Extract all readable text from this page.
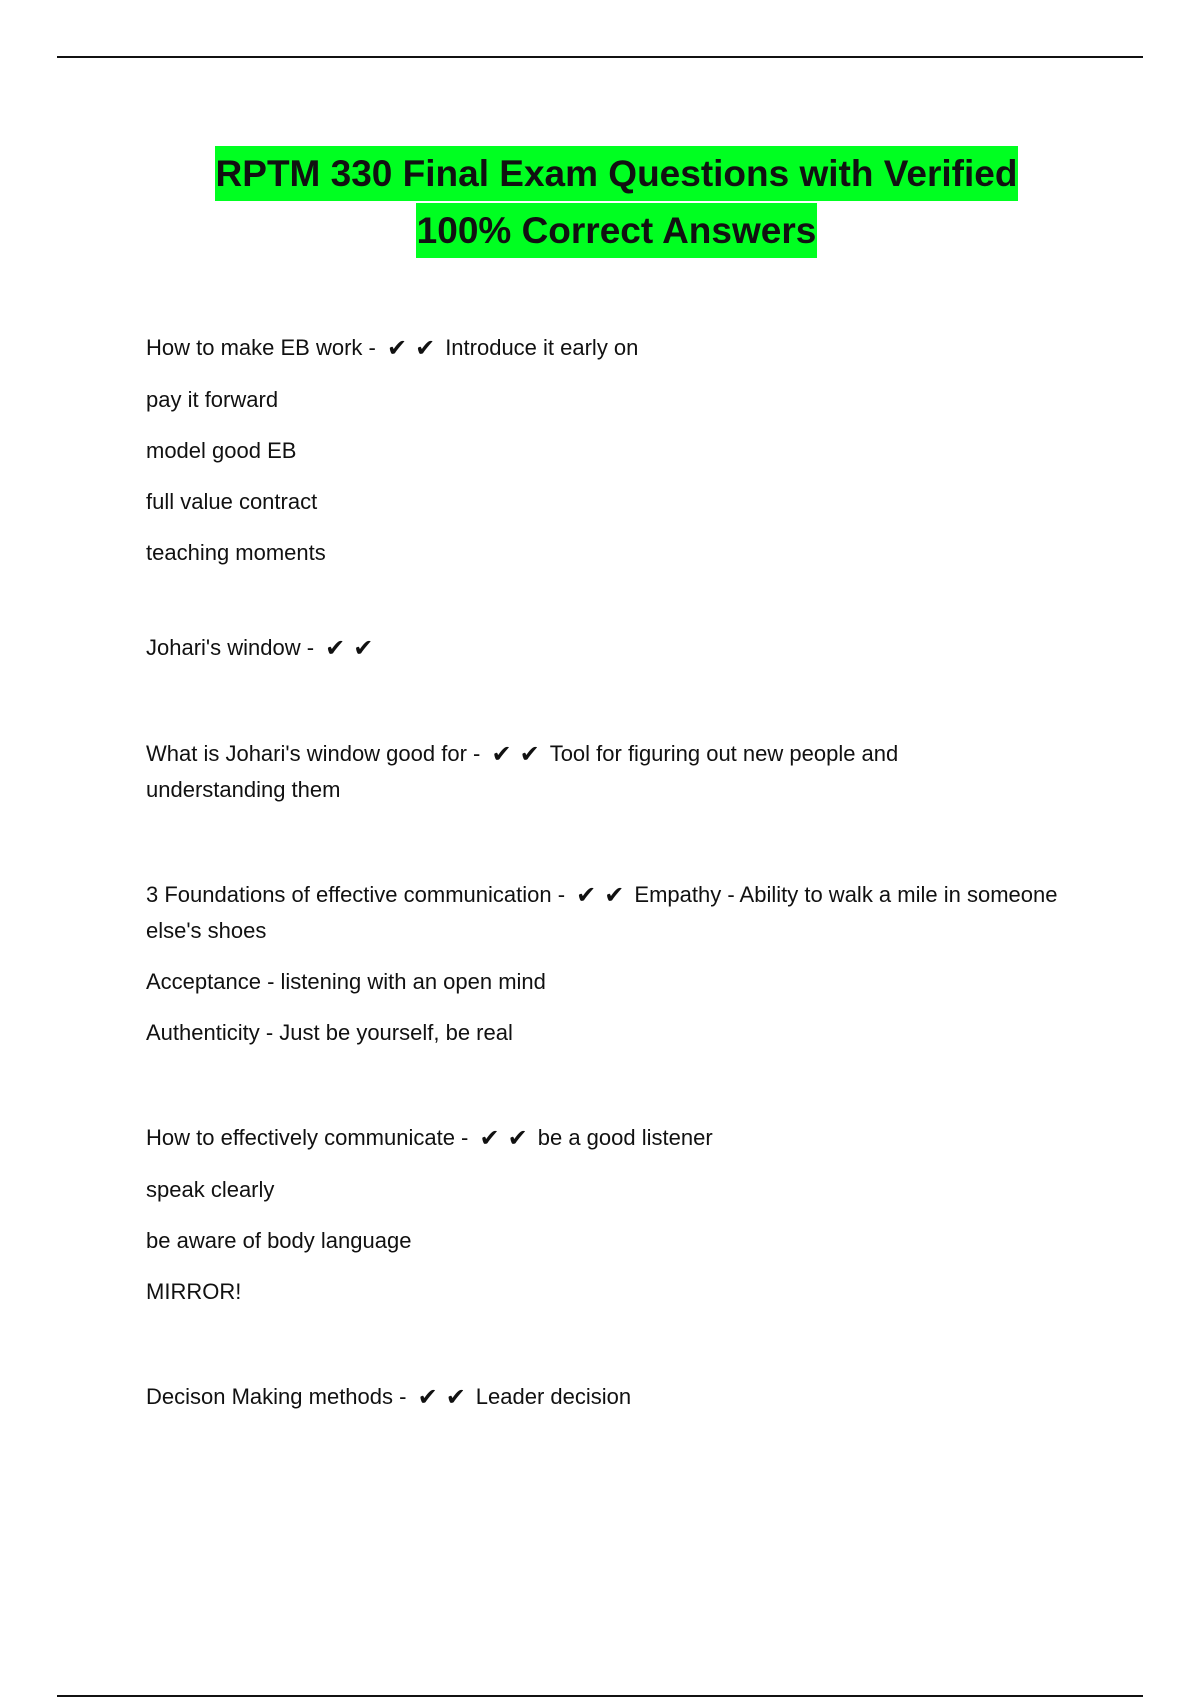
RPTM 330 Final Exam Questions with Verified
100% Correct Answers

How to make EB work - ✔✔Introduce it early on

pay it forward

model good EB

full value contract

teaching moments

Johari's window - ✔✔

What is Johari's window good for - ✔✔Tool for figuring out new people and understanding them

3 Foundations of effective communication - ✔✔Empathy - Ability to walk a mile in someone else's shoes

Acceptance - listening with an open mind

Authenticity - Just be yourself, be real

How to effectively communicate - ✔✔be a good listener

speak clearly

be aware of body language

MIRROR!

Decison Making methods - ✔✔Leader decision
